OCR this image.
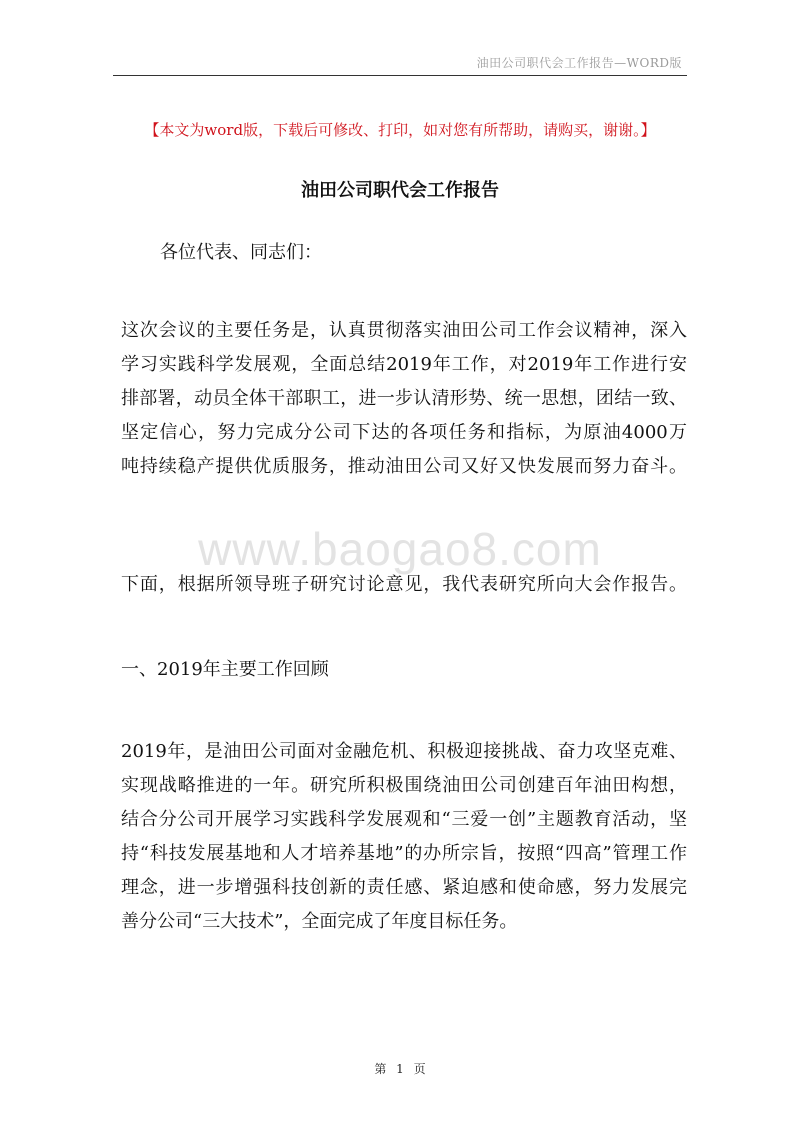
油田公司职代会工作报告—WORD版
【本文为word版，下载后可修改、打印，如对您有所帮助，请购买，谢谢。】
油田公司职代会工作报告
各位代表、同志们：
这次会议的主要任务是，认真贯彻落实油田公司工作会议精神，深入
学习实践科学发展观，全面总结2019年工作，对2019年工作进行安
排部署，动员全体干部职工，进一步认清形势、统一思想，团结一致、
坚定信心，努力完成分公司下达的各项任务和指标，为原油4000万
吨持续稳产提供优质服务，推动油田公司又好又快发展而努力奋斗。
www.baogao8.com
下面，根据所领导班子研究讨论意见，我代表研究所向大会作报告。
一、2019年主要工作回顾
2019年，是油田公司面对金融危机、积极迎接挑战、奋力攻坚克难、
实现战略推进的一年。研究所积极围绕油田公司创建百年油田构想，
结合分公司开展学习实践科学发展观和“三爱一创”主题教育活动，坚
持“科技发展基地和人才培养基地”的办所宗旨，按照“四高”管理工作
理念，进一步增强科技创新的责任感、紧迫感和使命感，努力发展完
善分公司“三大技术”，全面完成了年度目标任务。
第 1 页
